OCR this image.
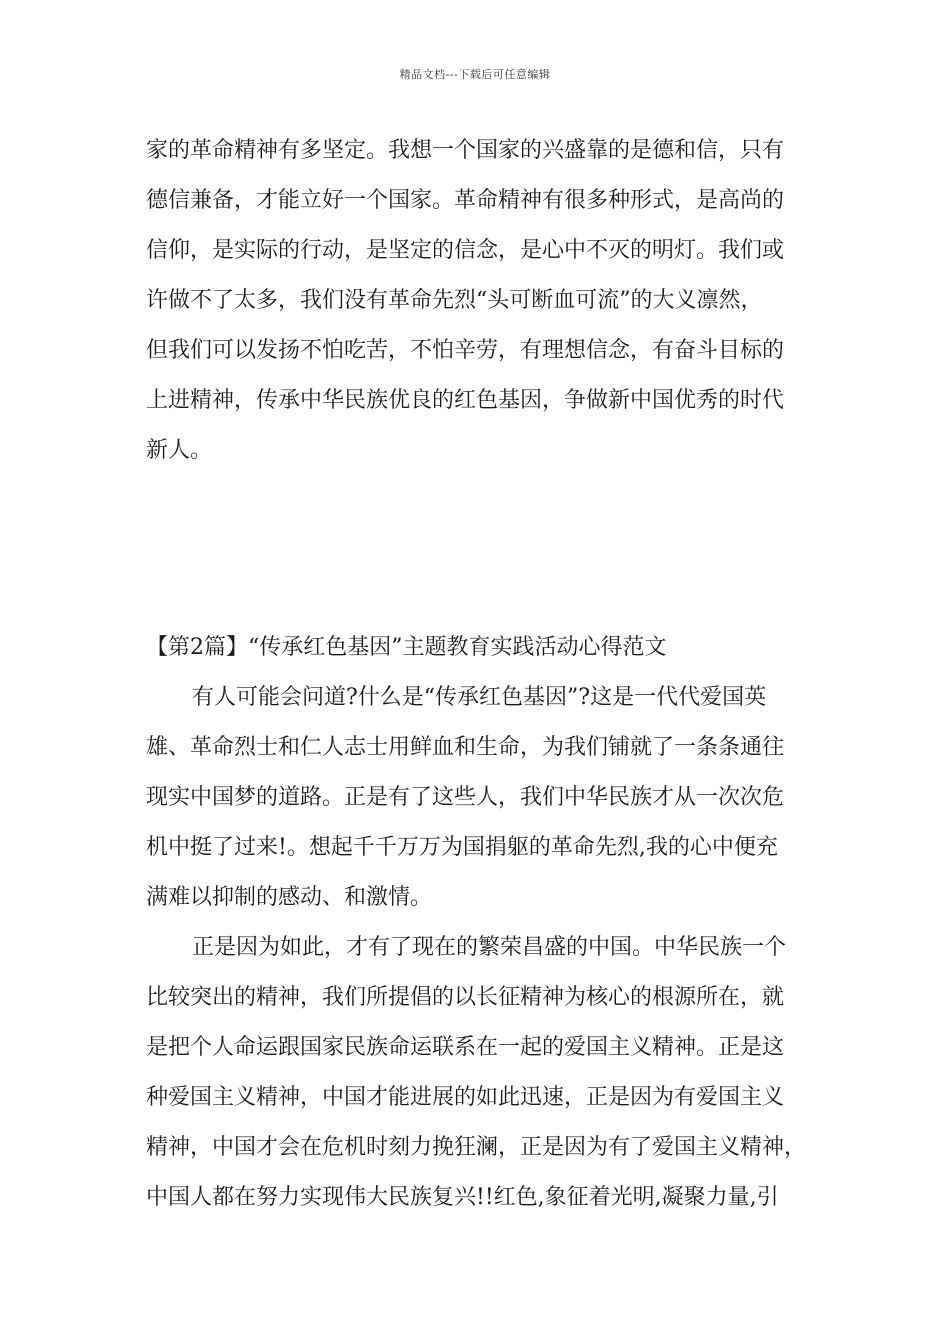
精品文档---下载后可任意编辑
家的革命精神有多坚定。我想一个国家的兴盛靠的是德和信，只有
德信兼备，才能立好一个国家。革命精神有很多种形式，是高尚的
信仰，是实际的行动，是坚定的信念，是心中不灭的明灯。我们或
许做不了太多，我们没有革命先烈“头可断血可流”的大义凛然，
但我们可以发扬不怕吃苦，不怕辛劳，有理想信念，有奋斗目标的
上进精神，传承中华民族优良的红色基因，争做新中国优秀的时代
新人。
【第2篇】“传承红色基因”主题教育实践活动心得范文
有人可能会问道?什么是“传承红色基因”?这是一代代爱国英
雄、革命烈士和仁人志士用鲜血和生命，为我们铺就了一条条通往
现实中国梦的道路。正是有了这些人，我们中华民族才从一次次危
机中挺了过来!。想起千千万万为国捐躯的革命先烈,我的心中便充
满难以抑制的感动、和激情。
正是因为如此，才有了现在的繁荣昌盛的中国。中华民族一个
比较突出的精神，我们所提倡的以长征精神为核心的根源所在，就
是把个人命运跟国家民族命运联系在一起的爱国主义精神。正是这
种爱国主义精神，中国才能进展的如此迅速，正是因为有爱国主义
精神，中国才会在危机时刻力挽狂澜，正是因为有了爱国主义精神，
中国人都在努力实现伟大民族复兴!!红色,象征着光明,凝聚力量,引
